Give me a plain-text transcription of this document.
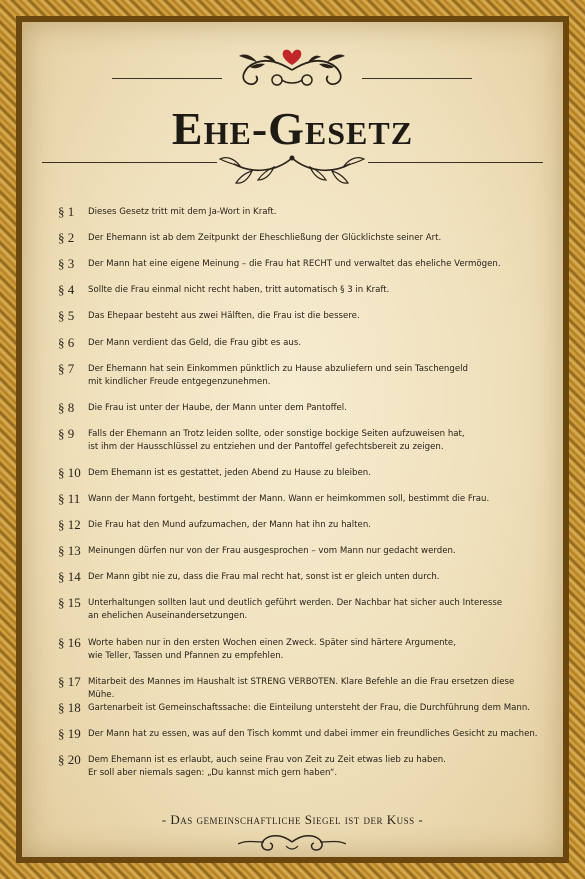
Ehe-Gesetz
§ 1	Dieses Gesetz tritt mit dem Ja-Wort in Kraft.
§ 2	Der Ehemann ist ab dem Zeitpunkt der Eheschließung der Glücklichste seiner Art.
§ 3	Der Mann hat eine eigene Meinung – die Frau hat RECHT und verwaltet das eheliche Vermögen.
§ 4	Sollte die Frau einmal nicht recht haben, tritt automatisch § 3 in Kraft.
§ 5	Das Ehepaar besteht aus zwei Hälften, die Frau ist die bessere.
§ 6	Der Mann verdient das Geld, die Frau gibt es aus.
§ 7	Der Ehemann hat sein Einkommen pünktlich zu Hause abzuliefern und sein Taschengeld
mit kindlicher Freude entgegenzunehmen.
§ 8	Die Frau ist unter der Haube, der Mann unter dem Pantoffel.
§ 9	Falls der Ehemann an Trotz leiden sollte, oder sonstige bockige Seiten aufzuweisen hat,
ist ihm der Hausschlüssel zu entziehen und der Pantoffel gefechtsbereit zu zeigen.
§ 10 Dem Ehemann ist es gestattet, jeden Abend zu Hause zu bleiben.
§ 11 Wann der Mann fortgeht, bestimmt der Mann. Wann er heimkommen soll, bestimmt die Frau.
§ 12 Die Frau hat den Mund aufzumachen, der Mann hat ihn zu halten.
§ 13 Meinungen dürfen nur von der Frau ausgesprochen – vom Mann nur gedacht werden.
§ 14 Der Mann gibt nie zu, dass die Frau mal recht hat, sonst ist er gleich unten durch.
§ 15 Unterhaltungen sollten laut und deutlich geführt werden. Der Nachbar hat sicher auch Interesse
an ehelichen Auseinandersetzungen.
§ 16 Worte haben nur in den ersten Wochen einen Zweck. Später sind härtere Argumente,
wie Teller, Tassen und Pfannen zu empfehlen.
§ 17 Mitarbeit des Mannes im Haushalt ist STRENG VERBOTEN. Klare Befehle an die Frau ersetzen diese Mühe.
§ 18 Gartenarbeit ist Gemeinschaftssache: die Einteilung untersteht der Frau, die Durchführung dem Mann.
§ 19 Der Mann hat zu essen, was auf den Tisch kommt und dabei immer ein freundliches Gesicht zu machen.
§ 20 Dem Ehemann ist es erlaubt, auch seine Frau von Zeit zu Zeit etwas lieb zu haben.
Er soll aber niemals sagen: „Du kannst mich gern haben“.
- Das gemeinschaftliche Siegel ist der Kuss -
